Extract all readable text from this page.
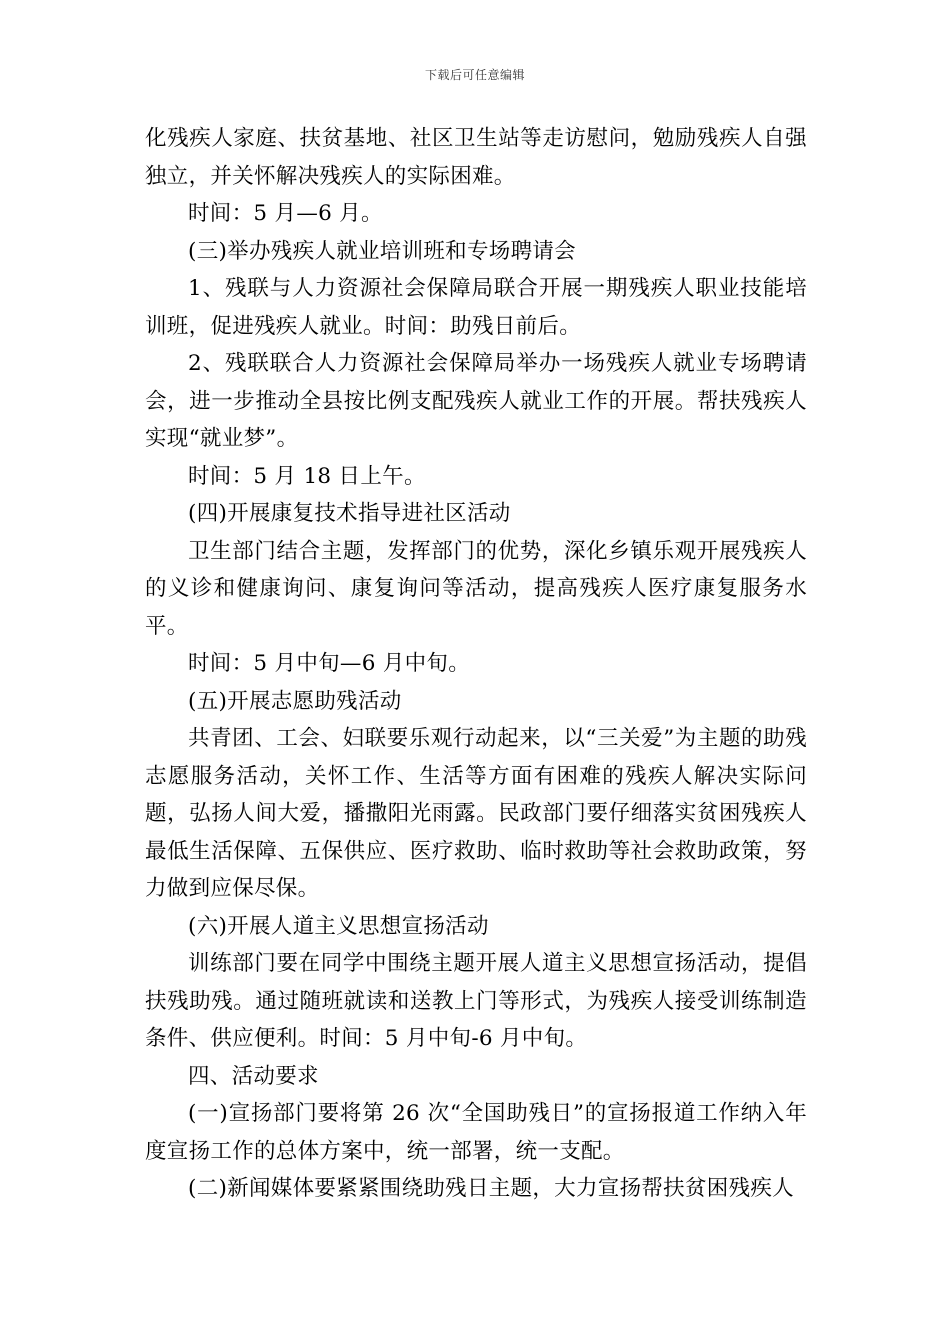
下载后可任意编辑

化残疾人家庭、扶贫基地、社区卫生站等走访慰问，勉励残疾人自强独立，并关怀解决残疾人的实际困难。

时间：5 月—6 月。

(三)举办残疾人就业培训班和专场聘请会

1、残联与人力资源社会保障局联合开展一期残疾人职业技能培训班，促进残疾人就业。时间：助残日前后。

2、残联联合人力资源社会保障局举办一场残疾人就业专场聘请会，进一步推动全县按比例支配残疾人就业工作的开展。帮扶残疾人实现“就业梦”。

时间：5 月 18 日上午。

(四)开展康复技术指导进社区活动

卫生部门结合主题，发挥部门的优势，深化乡镇乐观开展残疾人的义诊和健康询问、康复询问等活动，提高残疾人医疗康复服务水平。

时间：5 月中旬—6 月中旬。

(五)开展志愿助残活动

共青团、工会、妇联要乐观行动起来，以“三关爱”为主题的助残志愿服务活动，关怀工作、生活等方面有困难的残疾人解决实际问题，弘扬人间大爱，播撒阳光雨露。民政部门要仔细落实贫困残疾人最低生活保障、五保供应、医疗救助、临时救助等社会救助政策，努力做到应保尽保。

(六)开展人道主义思想宣扬活动

训练部门要在同学中围绕主题开展人道主义思想宣扬活动，提倡扶残助残。通过随班就读和送教上门等形式，为残疾人接受训练制造条件、供应便利。时间：5 月中旬-6 月中旬。

四、活动要求

(一)宣扬部门要将第 26 次“全国助残日”的宣扬报道工作纳入年度宣扬工作的总体方案中，统一部署，统一支配。

(二)新闻媒体要紧紧围绕助残日主题，大力宣扬帮扶贫困残疾人
